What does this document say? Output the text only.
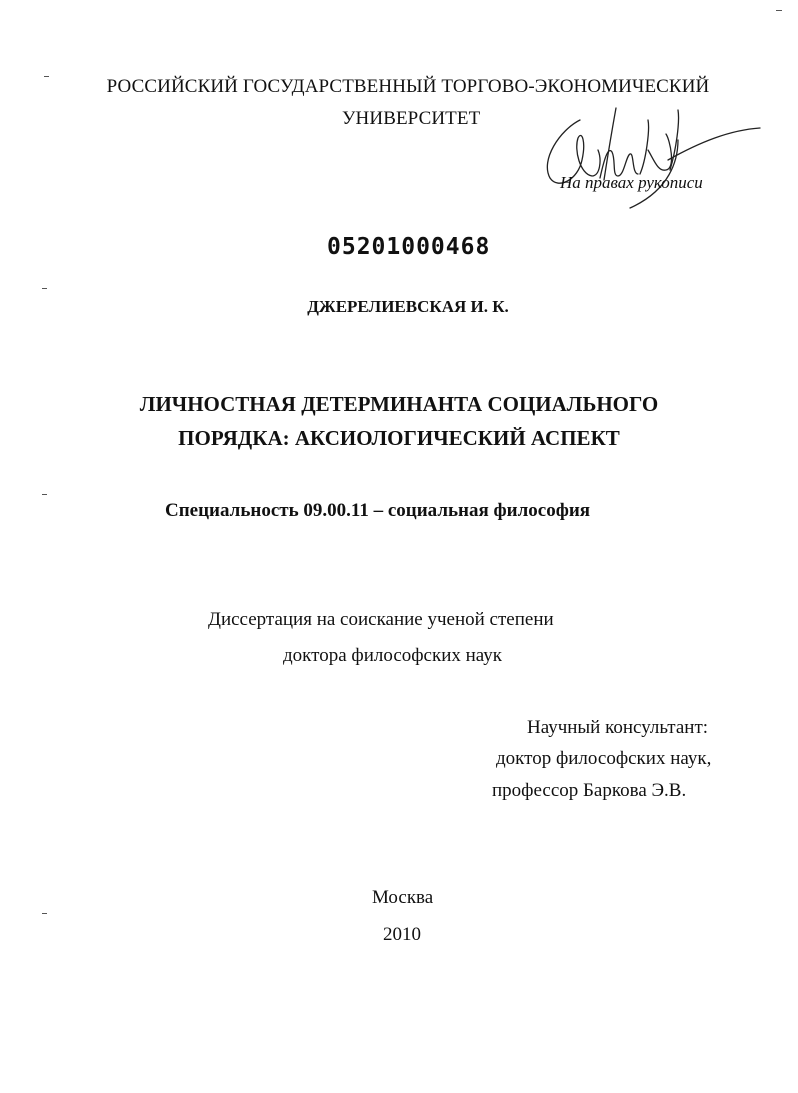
РОССИЙСКИЙ ГОСУДАРСТВЕННЫЙ ТОРГОВО-ЭКОНОМИЧЕСКИЙ
УНИВЕРСИТЕТ
На правах рукописи
05201000468
ДЖЕРЕЛИЕВСКАЯ И. К.
ЛИЧНОСТНАЯ ДЕТЕРМИНАНТА СОЦИАЛЬНОГО
ПОРЯДКА: АКСИОЛОГИЧЕСКИЙ АСПЕКТ
Специальность 09.00.11 – социальная философия
Диссертация на соискание ученой степени
доктора философских наук
Научный консультант:
доктор философских наук,
профессор Баркова Э.В.
Москва
2010
